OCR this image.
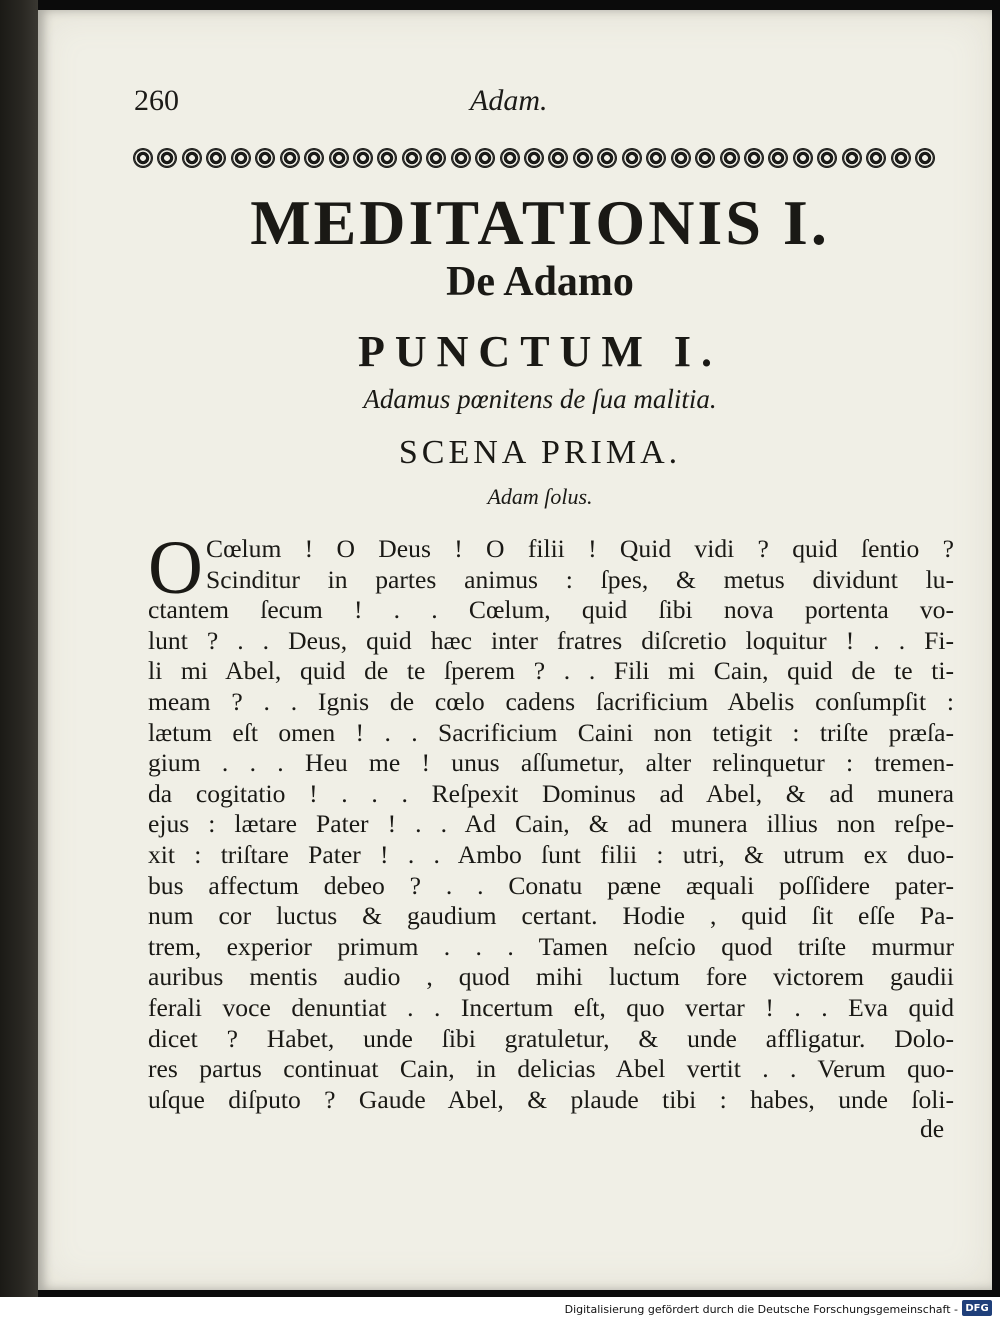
260	Adam.
MEDITATIONIS I.
De Adamo
PUNCTUM I.
Adamus pœnitens de ſua malitia.
SCENA PRIMA.
Adam ſolus.
O Cœlum ! O Deus ! O filii ! Quid vidi ? quid ſentio ?
Scinditur in partes animus : ſpes, & metus dividunt lu-
ctantem ſecum ! . . Cœlum, quid ſibi nova portenta vo-
lunt ? . . Deus, quid hæc inter fratres diſcretio loquitur ! . . Fi-
li mi Abel, quid de te ſperem ? . . Fili mi Cain, quid de te ti-
meam ? . . Ignis de cœlo cadens ſacrificium Abelis conſumpſit :
lætum eſt omen ! . . Sacrificium Caini non tetigit : triſte præſa-
gium . . . Heu me ! unus aſſumetur, alter relinquetur : tremen-
da cogitatio ! . . . Reſpexit Dominus ad Abel, & ad munera
ejus : lætare Pater ! . . Ad Cain, & ad munera illius non reſpe-
xit : triſtare Pater ! . . Ambo ſunt filii : utri, & utrum ex duo-
bus affectum debeo ? . . Conatu pæne æquali poſſidere pater-
num cor luctus & gaudium certant. Hodie , quid ſit eſſe Pa-
trem, experior primum . . . Tamen neſcio quod triſte murmur
auribus mentis audio , quod mihi luctum fore victorem gaudii
ferali voce denuntiat . . Incertum eſt, quo vertar ! . . Eva quid
dicet ? Habet, unde ſibi gratuletur, & unde affligatur. Dolo-
res partus continuat Cain, in delicias Abel vertit . . Verum quo-
uſque diſputo ? Gaude Abel, & plaude tibi : habes, unde ſoli-
de
Digitalisierung gefördert durch die Deutsche Forschungsgemeinschaft - DFG
